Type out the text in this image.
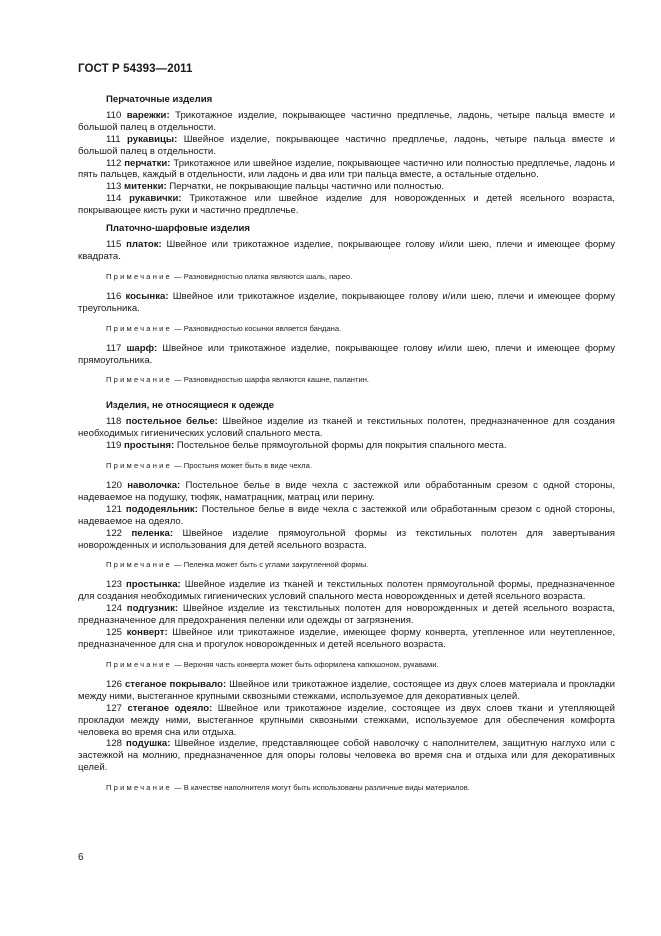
ГОСТ Р 54393—2011
Перчаточные изделия
110 варежки: Трикотажное изделие, покрывающее частично предплечье, ладонь, четыре пальца вместе и большой палец в отдельности.
111 рукавицы: Швейное изделие, покрывающее частично предплечье, ладонь, четыре пальца вместе и большой палец в отдельности.
112 перчатки: Трикотажное или швейное изделие, покрывающее частично или полностью предплечье, ладонь и пять пальцев, каждый в отдельности, или ладонь и два или три пальца вместе, а остальные отдельно.
113 митенки: Перчатки, не покрывающие пальцы частично или полностью.
114 рукавички: Трикотажное или швейное изделие для новорожденных и детей ясельного возраста, покрывающее кисть руки и частично предплечье.
Платочно-шарфовые изделия
115 платок: Швейное или трикотажное изделие, покрывающее голову и/или шею, плечи и имеющее форму квадрата.
Примечание — Разновидностью платка являются шаль, парео.
116 косынка: Швейное или трикотажное изделие, покрывающее голову и/или шею, плечи и имеющее форму треугольника.
Примечание — Разновидностью косынки является бандана.
117 шарф: Швейное или трикотажное изделие, покрывающее голову и/или шею, плечи и имеющее форму прямоугольника.
Примечание — Разновидностью шарфа являются кашне, палантин.
Изделия, не относящиеся к одежде
118 постельное белье: Швейное изделие из тканей и текстильных полотен, предназначенное для создания необходимых гигиенических условий спального места.
119 простыня: Постельное белье прямоугольной формы для покрытия спального места.
Примечание — Простыня может быть в виде чехла.
120 наволочка: Постельное белье в виде чехла с застежкой или обработанным срезом с одной стороны, надеваемое на подушку, тюфяк, наматрацник, матрац или перину.
121 пододеяльник: Постельное белье в виде чехла с застежкой или обработанным срезом с одной стороны, надеваемое на одеяло.
122 пеленка: Швейное изделие прямоугольной формы из текстильных полотен для завертывания новорожденных и использования для детей ясельного возраста.
Примечание — Пеленка может быть с углами закругленной формы.
123 простынка: Швейное изделие из тканей и текстильных полотен прямоугольной формы, предназначенное для создания необходимых гигиенических условий спального места новорожденных и детей ясельного возраста.
124 подгузник: Швейное изделие из текстильных полотен для новорожденных и детей ясельного возраста, предназначенное для предохранения пеленки или одежды от загрязнения.
125 конверт: Швейное или трикотажное изделие, имеющее форму конверта, утепленное или неутепленное, предназначенное для сна и прогулок новорожденных и детей ясельного возраста.
Примечание — Верхняя часть конверта может быть оформлена капюшоном, рукавами.
126 стеганое покрывало: Швейное или трикотажное изделие, состоящее из двух слоев материала и прокладки между ними, выстеганное крупными сквозными стежками, используемое для декоративных целей.
127 стеганое одеяло: Швейное или трикотажное изделие, состоящее из двух слоев ткани и утепляющей прокладки между ними, выстеганное крупными сквозными стежками, используемое для обеспечения комфорта человека во время сна или отдыха.
128 подушка: Швейное изделие, представляющее собой наволочку с наполнителем, защитную наглухо или с застежкой на молнию, предназначенное для опоры головы человека во время сна и отдыха или для декоративных целей.
Примечание — В качестве наполнителя могут быть использованы различные виды материалов.
6
